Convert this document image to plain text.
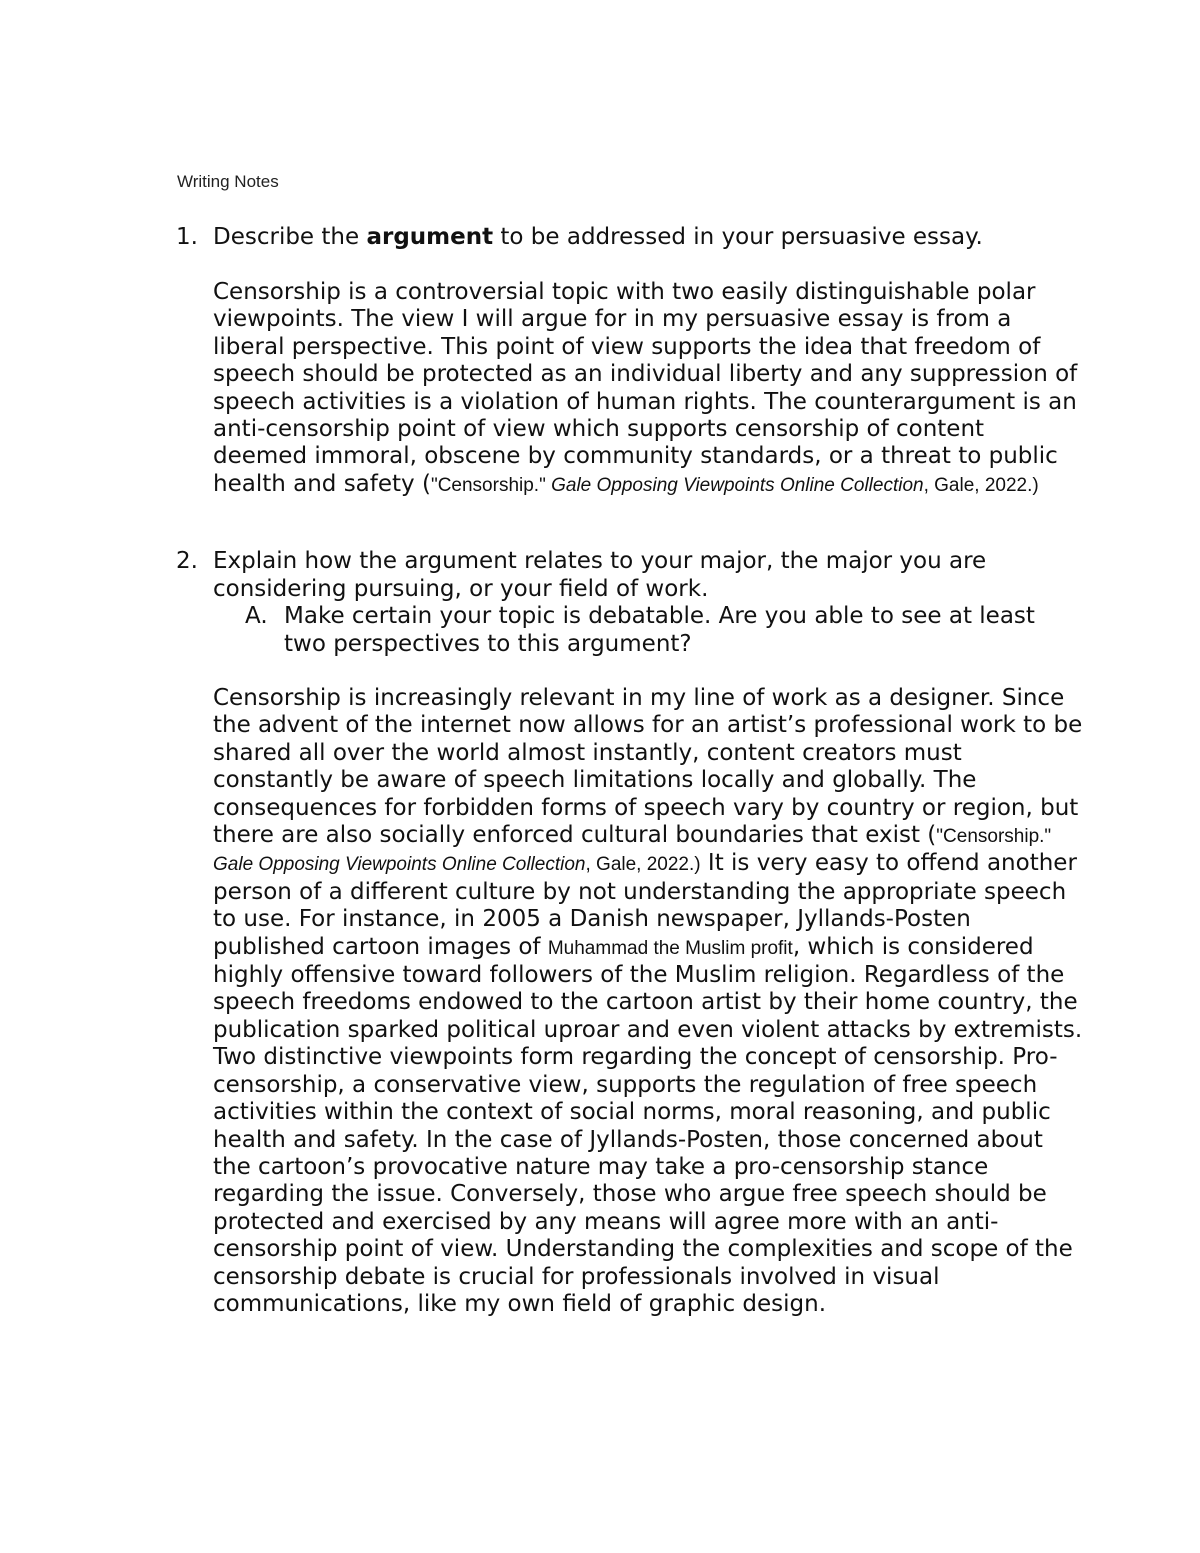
Writing Notes
1. Describe the argument to be addressed in your persuasive essay.
Censorship is a controversial topic with two easily distinguishable polar viewpoints. The view I will argue for in my persuasive essay is from a liberal perspective. This point of view supports the idea that freedom of speech should be protected as an individual liberty and any suppression of speech activities is a violation of human rights. The counterargument is an anti-censorship point of view which supports censorship of content deemed immoral, obscene by community standards, or a threat to public health and safety ("Censorship." Gale Opposing Viewpoints Online Collection, Gale, 2022.)
2. Explain how the argument relates to your major, the major you are considering pursuing, or your field of work.
A. Make certain your topic is debatable. Are you able to see at least two perspectives to this argument?
Censorship is increasingly relevant in my line of work as a designer. Since the advent of the internet now allows for an artist’s professional work to be shared all over the world almost instantly, content creators must constantly be aware of speech limitations locally and globally. The consequences for forbidden forms of speech vary by country or region, but there are also socially enforced cultural boundaries that exist ("Censorship." Gale Opposing Viewpoints Online Collection, Gale, 2022.) It is very easy to offend another person of a different culture by not understanding the appropriate speech to use. For instance, in 2005 a Danish newspaper, Jyllands-Posten published cartoon images of Muhammad the Muslim profit, which is considered highly offensive toward followers of the Muslim religion. Regardless of the speech freedoms endowed to the cartoon artist by their home country, the publication sparked political uproar and even violent attacks by extremists. Two distinctive viewpoints form regarding the concept of censorship. Pro-censorship, a conservative view, supports the regulation of free speech activities within the context of social norms, moral reasoning, and public health and safety. In the case of Jyllands-Posten, those concerned about the cartoon’s provocative nature may take a pro-censorship stance regarding the issue. Conversely, those who argue free speech should be protected and exercised by any means will agree more with an anti-censorship point of view. Understanding the complexities and scope of the censorship debate is crucial for professionals involved in visual communications, like my own field of graphic design.
